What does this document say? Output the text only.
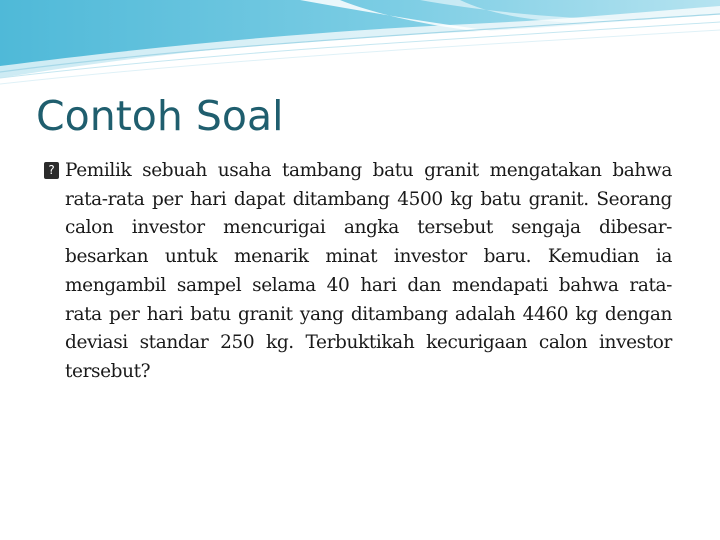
Contoh Soal
? Pemilik sebuah usaha tambang batu granit mengatakan bahwa rata-rata per hari dapat ditambang 4500 kg batu granit. Seorang calon investor mencurigai angka tersebut sengaja dibesar-besarkan untuk menarik minat investor baru. Kemudian ia mengambil sampel selama 40 hari dan mendapati bahwa rata-rata per hari batu granit yang ditambang adalah 4460 kg dengan deviasi standar 250 kg. Terbuktikah kecurigaan calon investor tersebut?
